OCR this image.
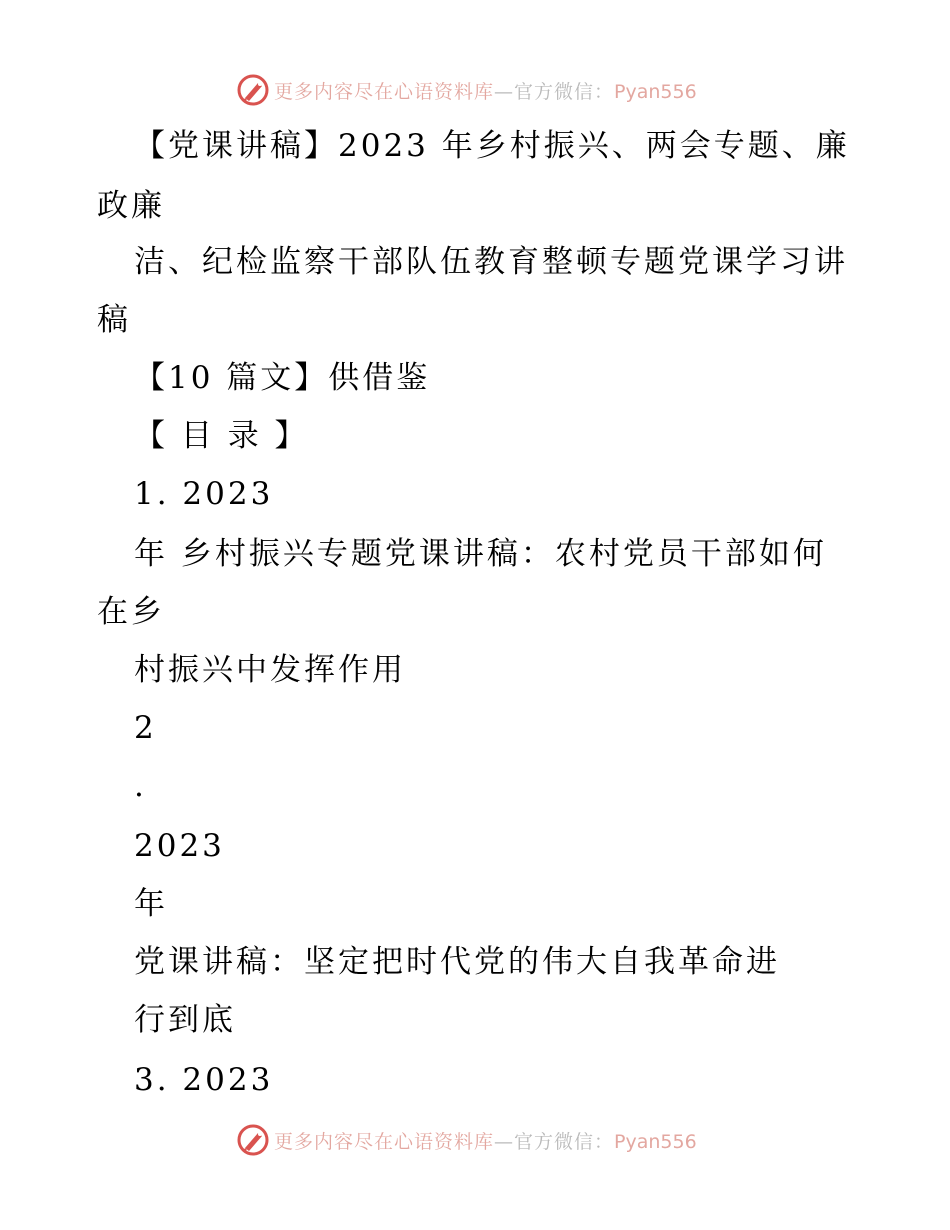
更多内容尽在心语资料库—官方微信：Pyan556
【党课讲稿】2023 年乡村振兴、两会专题、廉
政廉
洁、纪检监察干部队伍教育整顿专题党课学习讲
稿
【10 篇文】供借鉴
【 目 录 】
1. 2023
年 乡村振兴专题党课讲稿：农村党员干部如何
在乡
村振兴中发挥作用
2
.
2023
年
党课讲稿：坚定把时代党的伟大自我革命进
行到底
3. 2023
更多内容尽在心语资料库—官方微信：Pyan556
